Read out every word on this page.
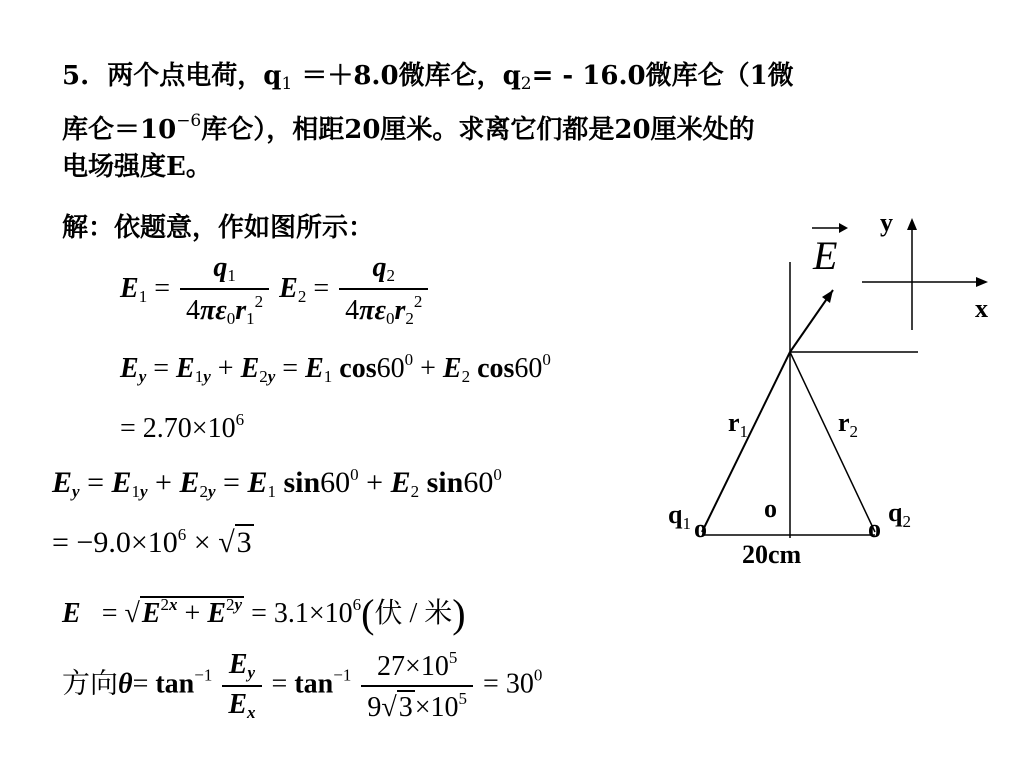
5. 两个点电荷，$q_1 =+8.0$微库仑，$q_2= - 16.0$微库仑（1微
库仑$=10^{-6}$库仑），相距20厘米。求离它们都是20厘米处的
电场强度E。
解：依题意，作如图所示：
$E_1 = \frac{q_1}{4\pi\varepsilon_0r_1^2} E_2 = \frac{q_2}{4\pi\varepsilon_0r_2^2}$
$E_y = E_{1y} + E_{2y} = E_1$ $\cos 60^0 + E_2$ $\cos 60^0$
= $2.70\times 10^6$
$E_y = E_{1y} + E_{2y} = E_1$ $\sin 60^0 + E_2$ $\sin 60^0$
= $-9.0\times 10^6 \times √3$
$E = √E^{2x} + E^{2y} = 3.1\times 10^6$(伏 / 米)
方向$\theta= \tan^{-1} \frac{E_y}{E_x} = \tan^{-1} \frac{27\times 10^5}{9√3\times 10^5} = 30^0$
E
y
x
$r_1$	$r_2$
o
$q_1$ o	o
$q_2$
20cm
